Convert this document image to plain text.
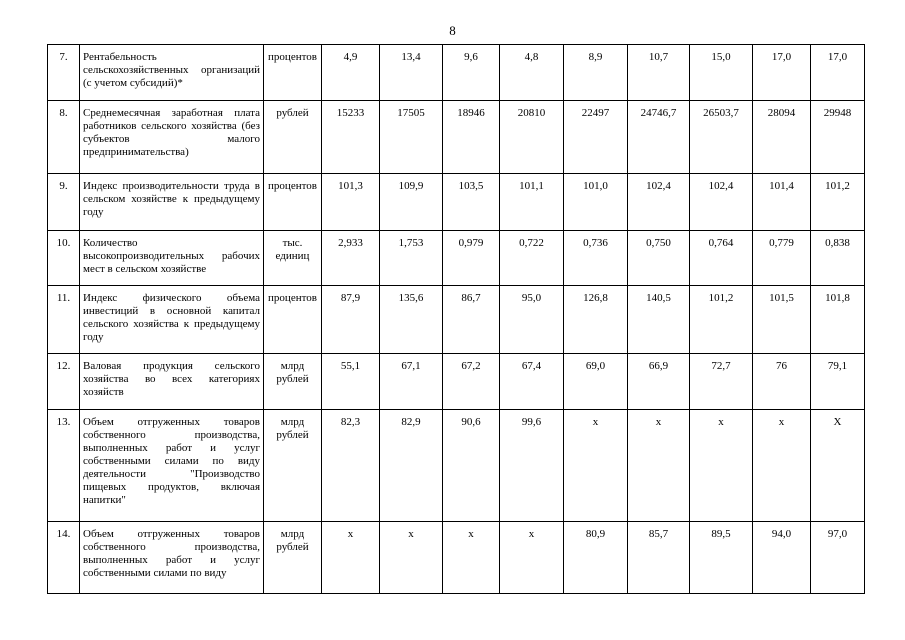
8
7.	Рентабельность сельскохозяйственных организаций (с учетом субсидий)*	процентов	4,9	13,4	9,6	4,8	8,9	10,7	15,0	17,0	17,0
8.	Среднемесячная заработная плата работников сельского хозяйства (без субъектов малого предпринимательства)	рублей	15233	17505	18946	20810	22497	24746,7	26503,7	28094	29948
9.	Индекс производительности труда в сельском хозяйстве к предыдущему году	процентов	101,3	109,9	103,5	101,1	101,0	102,4	102,4	101,4	101,2
10.	Количество высокопроизводительных рабочих мест в сельском хозяйстве	тыс. единиц	2,933	1,753	0,979	0,722	0,736	0,750	0,764	0,779	0,838
11.	Индекс физического объема инвестиций в основной капитал сельского хозяйства к предыдущему году	процентов	87,9	135,6	86,7	95,0	126,8	140,5	101,2	101,5	101,8
12.	Валовая продукция сельского хозяйства во всех категориях хозяйств	млрд рублей	55,1	67,1	67,2	67,4	69,0	66,9	72,7	76	79,1
13.	Объем отгруженных товаров собственного производства, выполненных работ и услуг собственными силами по виду деятельности "Производство пищевых продуктов, включая напитки"	млрд рублей	82,3	82,9	90,6	99,6	x	x	x	x	X
14.	Объем отгруженных товаров собственного производства, выполненных работ и услуг собственными силами по виду	млрд рублей	x	x	x	x	80,9	85,7	89,5	94,0	97,0
